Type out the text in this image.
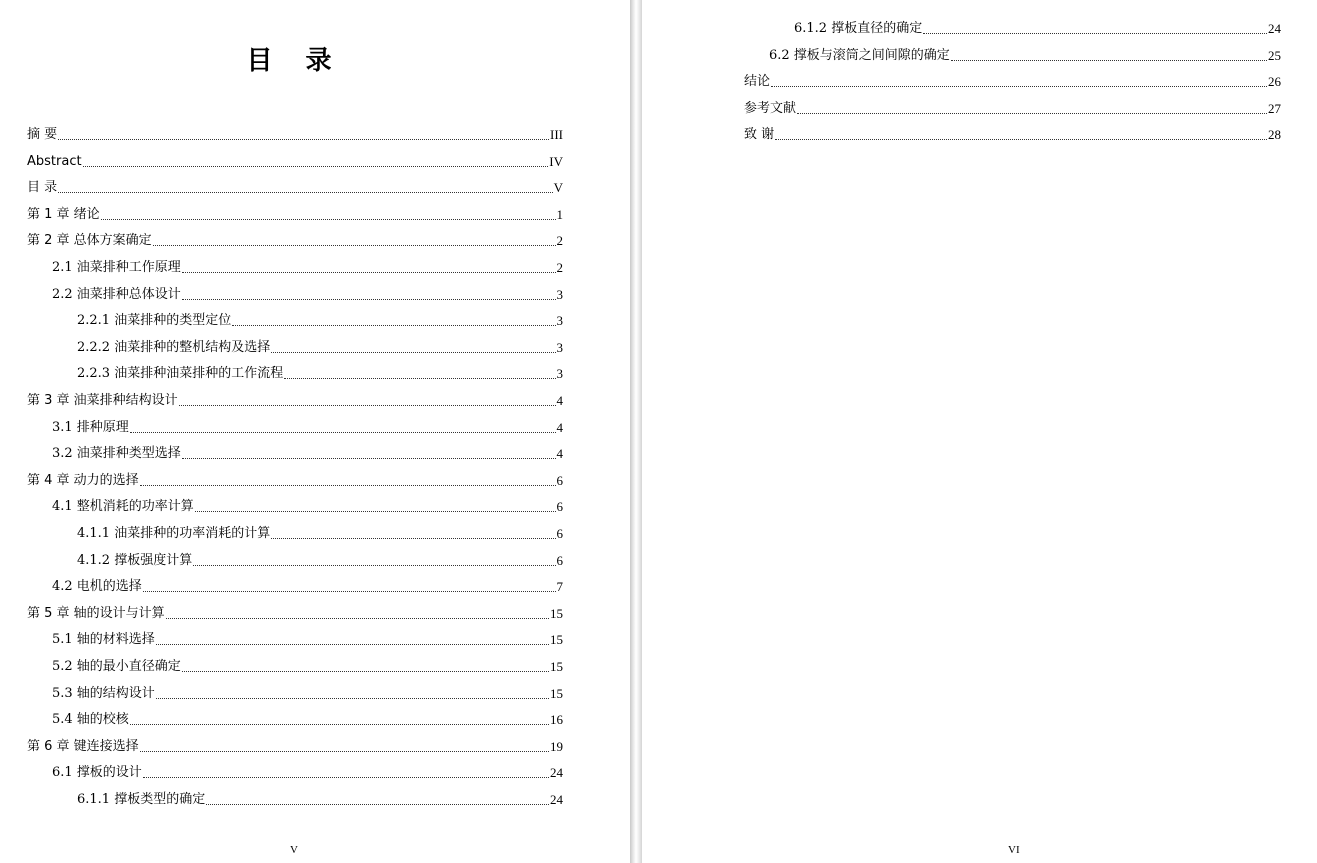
目 录
摘 要	III
Abstract	IV
目 录	V
第 1 章 绪论	1
第 2 章 总体方案确定	2
2.1 油菜排种工作原理	2
2.2 油菜排种总体设计	3
2.2.1 油菜排种的类型定位	3
2.2.2 油菜排种的整机结构及选择	3
2.2.3 油菜排种油菜排种的工作流程	3
第 3 章 油菜排种结构设计	4
3.1 排种原理	4
3.2 油菜排种类型选择	4
第 4 章 动力的选择	6
4.1 整机消耗的功率计算	6
4.1.1 油菜排种的功率消耗的计算	6
4.1.2 撑板强度计算	6
4.2 电机的选择	7
第 5 章 轴的设计与计算	15
5.1 轴的材料选择	15
5.2 轴的最小直径确定	15
5.3 轴的结构设计	15
5.4 轴的校核	16
第 6 章 键连接选择	19
6.1 撑板的设计	24
6.1.1 撑板类型的确定	24
V
6.1.2 撑板直径的确定	24
6.2 撑板与滚筒之间间隙的确定	25
结论	26
参考文献	27
致 谢	28
VI
